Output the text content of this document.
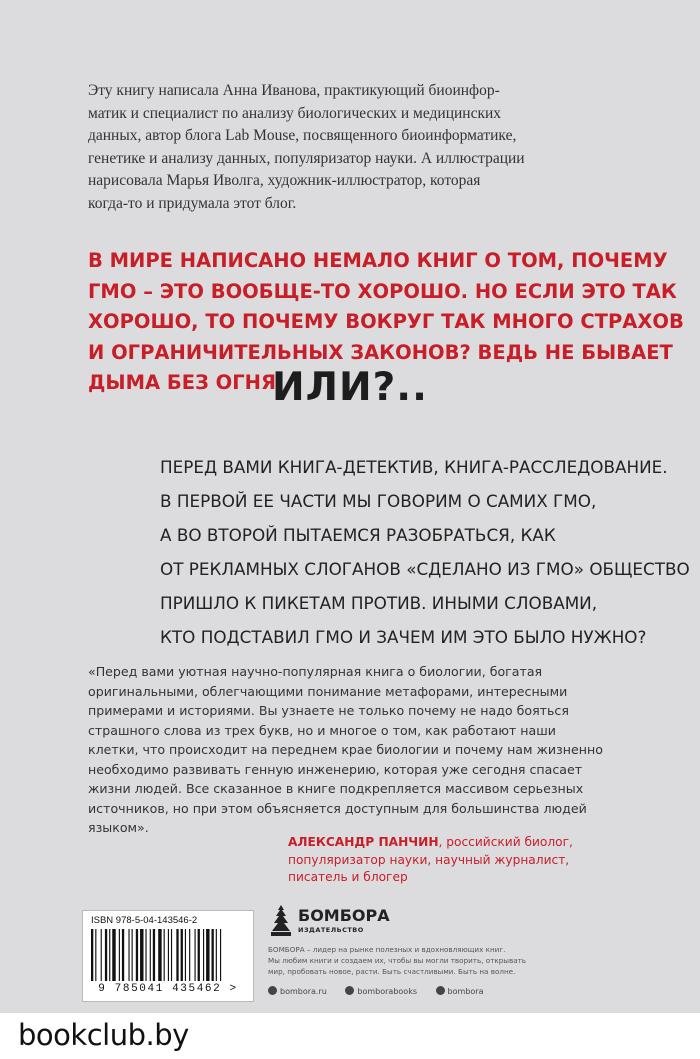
Эту книгу написала Анна Иванова, практикующий биоинфор-

матик и специалист по анализу биологических и медицинских

данных, автор блога Lab Mouse, посвященного биоинформатике,

генетике и анализу данных, популяризатор науки. А иллюстрации

нарисовала Марья Иволга, художник-иллюстратор, которая

когда-то и придумала этот блог.

В МИРЕ НАПИСАНО НЕМАЛО КНИГ О ТОМ, ПОЧЕМУ

ГМО – ЭТО ВООБЩЕ-ТО ХОРОШО. НО ЕСЛИ ЭТО ТАК

ХОРОШО, ТО ПОЧЕМУ ВОКРУГ ТАК МНОГО СТРАХОВ

И ОГРАНИЧИТЕЛЬНЫХ ЗАКОНОВ? ВЕДЬ НЕ БЫВАЕТ

ДЫМА БЕЗ ОГНЯ.

ИЛИ?..

ПЕРЕД ВАМИ КНИГА-ДЕТЕКТИВ, КНИГА-РАССЛЕДОВАНИЕ.

В ПЕРВОЙ ЕЕ ЧАСТИ МЫ ГОВОРИМ О САМИХ ГМО,

А ВО ВТОРОЙ ПЫТАЕМСЯ РАЗОБРАТЬСЯ, КАК

ОТ РЕКЛАМНЫХ СЛОГАНОВ «СДЕЛАНО ИЗ ГМО» ОБЩЕСТВО

ПРИШЛО К ПИКЕТАМ ПРОТИВ. ИНЫМИ СЛОВАМИ,

КТО ПОДСТАВИЛ ГМО И ЗАЧЕМ ИМ ЭТО БЫЛО НУЖНО?

«Перед вами уютная научно-популярная книга о биологии, богатая

оригинальными, облегчающими понимание метафорами, интересными

примерами и историями. Вы узнаете не только почему не надо бояться

страшного слова из трех букв, но и многое о том, как работают наши

клетки, что происходит на переднем крае биологии и почему нам жизненно

необходимо развивать генную инженерию, которая уже сегодня спасает

жизни людей. Все сказанное в книге подкрепляется массивом серьезных

источников, но при этом объясняется доступным для большинства людей

языком».

АЛЕКСАНДР ПАНЧИН, российский биолог,

популяризатор науки, научный журналист,

писатель и блогер

ISBN 978-5-04-143546-2
9 785041 435462 >
БОМБОРА
ИЗДАТЕЛЬСТВО

БОМБОРА – лидер на рынке полезных и вдохновляющих книг.

Мы любим книги и создаем их, чтобы вы могли творить, открывать

мир, пробовать новое, расти. Быть счастливыми. Быть на волне.

bombora.ru	bomborabooks	bombora
bookclub.by
